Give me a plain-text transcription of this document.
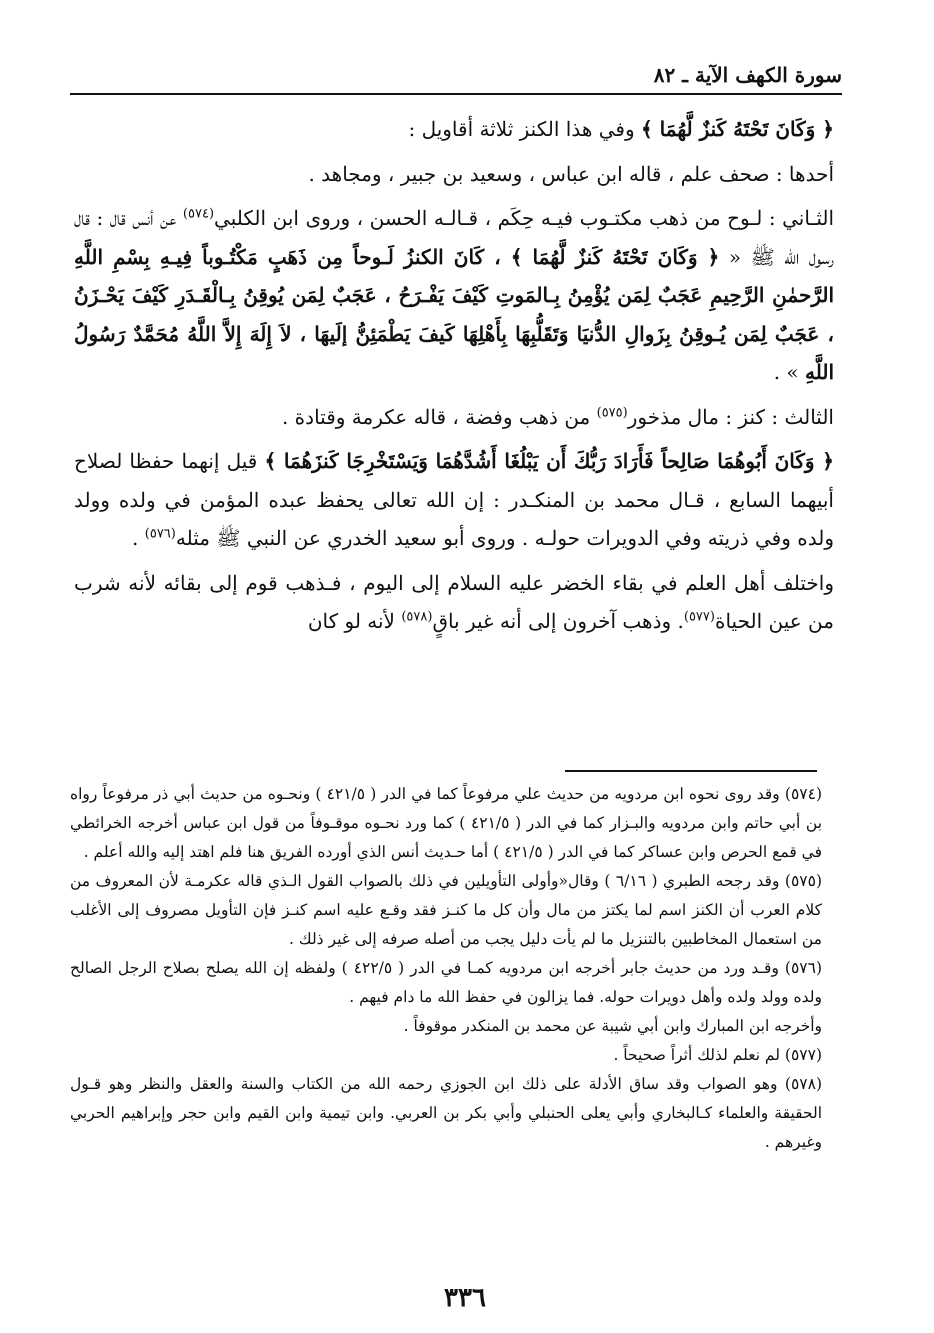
سورة الكهف الآية ـ ٨٢

﴿ وَكَانَ تَحْتَهُ كَنزٌ لَّهُمَا ﴾ وفي هذا الكنز ثلاثة أقاويل :

أحدها : صحف علم ، قاله ابن عباس ، وسعيد بن جبير ، ومجاهد .

الثـاني : لـوح من ذهب مكتـوب فيـه حِكَم ، قـالـه الحسن ، وروى ابن الكلبي$^{(٥٧٤)}$ عن أنس قال : قال رسول الله ﷺ « ﴿ وَكَانَ تَحْتَهُ كَنزٌ لَّهُمَا ﴾ ، كَانَ الكنزُ لَـوحاً مِن ذَهَبٍ مَكْتُـوباً فِيـهِ بِسْمِ اللَّهِ الرَّحمٰنِ الرَّحِيمِ عَجَبٌ لِمَن يُؤْمِنُ بِـالمَوتِ كَيْفَ يَفْـرَحُ ، عَجَبٌ لِمَن يُوقِنُ بِـالْقَـدَرِ كَيْفَ يَحْـزَنُ ، عَجَبٌ لِمَن يُـوقِنُ بِزَوالِ الدُّنيَا وَتَقَلُّبِهَا بِأَهْلِهَا كَيفَ يَطْمَئِنُّ إلَيهَا ، لاَ إِلَهَ إِلاَّ اللَّهُ مُحَمَّدٌ رَسُولُ اللَّهِ » .

الثالث : كنز : مال مذخور$^{(٥٧٥)}$ من ذهب وفضة ، قاله عكرمة وقتادة .

﴿ وَكَانَ أَبُوهُمَا صَالِحاً فَأَرَادَ رَبُّكَ أَن يَبْلُغَا أَشُدَّهُمَا وَيَسْتَخْرِجَا كَنزَهُمَا ﴾ قيل إنهما حفظا لصلاح أبيهما السابع ، قـال محمد بن المنكـدر : إن الله تعالى يحفظ عبده المؤمن في ولده وولد ولده وفي ذريته وفي الدويرات حولـه . وروى أبو سعيد الخدري عن النبي ﷺ مثله$^{(٥٧٦)}$ .

واختلف أهل العلم في بقاء الخضر عليه السلام إلى اليوم ، فـذهب قوم إلى بقائه لأنه شرب من عين الحياة$^{(٥٧٧)}$. وذهب آخرون إلى أنه غير باقٍ$^{(٥٧٨)}$ لأنه لو كان

(٥٧٤) وقد روى نحوه ابن مردويه من حديث علي مرفوعاً كما في الدر ( ٤٢١/٥ ) ونحـوه من حديث أبي ذر مرفوعاً رواه بن أبي حاتم وابن مردويه والبـزار كما في الدر ( ٤٢١/٥ ) كما ورد نحـوه موقـوفاً من قول ابن عباس أخرجه الخرائطي في قمع الحرص وابن عساكر كما في الدر ( ٤٢١/٥ ) أما حـديث أنس الذي أورده الفريق هنا فلم اهتد إليه والله أعلم .

(٥٧٥) وقد رجحه الطبري ( ٦/١٦ ) وقال«وأولى التأويلين في ذلك بالصواب القول الـذي قاله عكرمـة لأن المعروف من كلام العرب أن الكنز اسم لما يكتز من مال وأن كل ما كنـز فقد وقـع عليه اسم كنـز فإن التأويل مصروف إلى الأغلب من استعمال المخاطبين بالتنزيل ما لم يأت دليل يجب من أصله صرفه إلى غير ذلك .

(٥٧٦) وقـد ورد من حديث جابر أخرجه ابن مردويه كمـا في الدر ( ٤٢٢/٥ ) ولفظه إن الله يصلح بصلاح الرجل الصالح ولده وولد ولده وأهل دويرات حوله. فما يزالون في حفظ الله ما دام فيهم .

وأخرجه ابن المبارك وابن أبي شيبة عن محمد بن المنكدر موقوفاً .

(٥٧٧) لم نعلم لذلك أثراً صحيحاً .

(٥٧٨) وهو الصواب وقد ساق الأدلة على ذلك ابن الجوزي رحمه الله من الكتاب والسنة والعقل والنظر وهو قـول الحقيقة والعلماء كـالبخاري وأبي يعلى الحنبلي وأبي بكر بن العربي. وابن تيمية وابن القيم وابن حجر وإبراهيم الحربي وغيرهم .

٣٣٦
